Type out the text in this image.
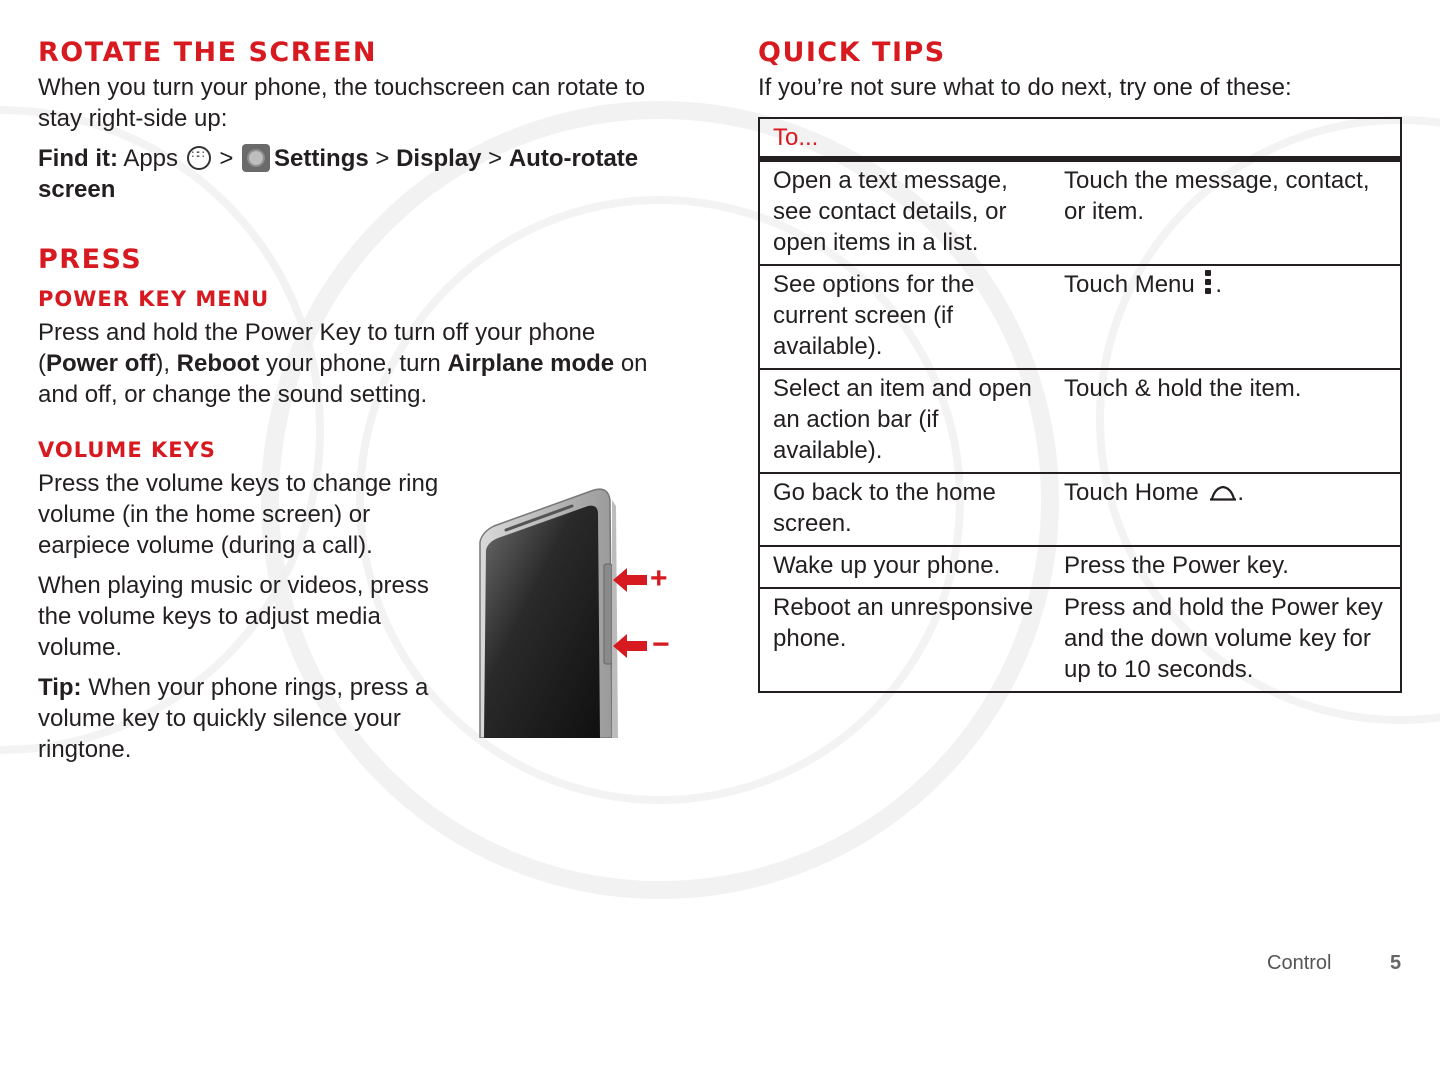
ROTATE THE SCREEN

When you turn your phone, the touchscreen can rotate to stay right-side up:

Find it: Apps ∷∷ > Settings > Display > Auto-rotate screen

PRESS
POWER KEY MENU

Press and hold the Power Key to turn off your phone (Power off), Reboot your phone, turn Airplane mode on and off, or change the sound setting.

VOLUME KEYS

Press the volume keys to change ring volume (in the home screen) or earpiece volume (during a call).

When playing music or videos, press the volume keys to adjust media volume.

Tip: When your phone rings, press a volume key to quickly silence your ringtone.

+
−
QUICK TIPS

If you’re not sure what to do next, try one of these:

To...	
Open a text message, see contact details, or open items in a list.	Touch the message, contact, or item.
See options for the current screen (if available).	Touch Menu .
Select an item and open an action bar (if available).	Touch & hold the item.
Go back to the home screen.	Touch Home .
Wake up your phone.	Press the Power key.
Reboot an unresponsive phone.	Press and hold the Power key and the down volume key for up to 10 seconds.
Control	5
